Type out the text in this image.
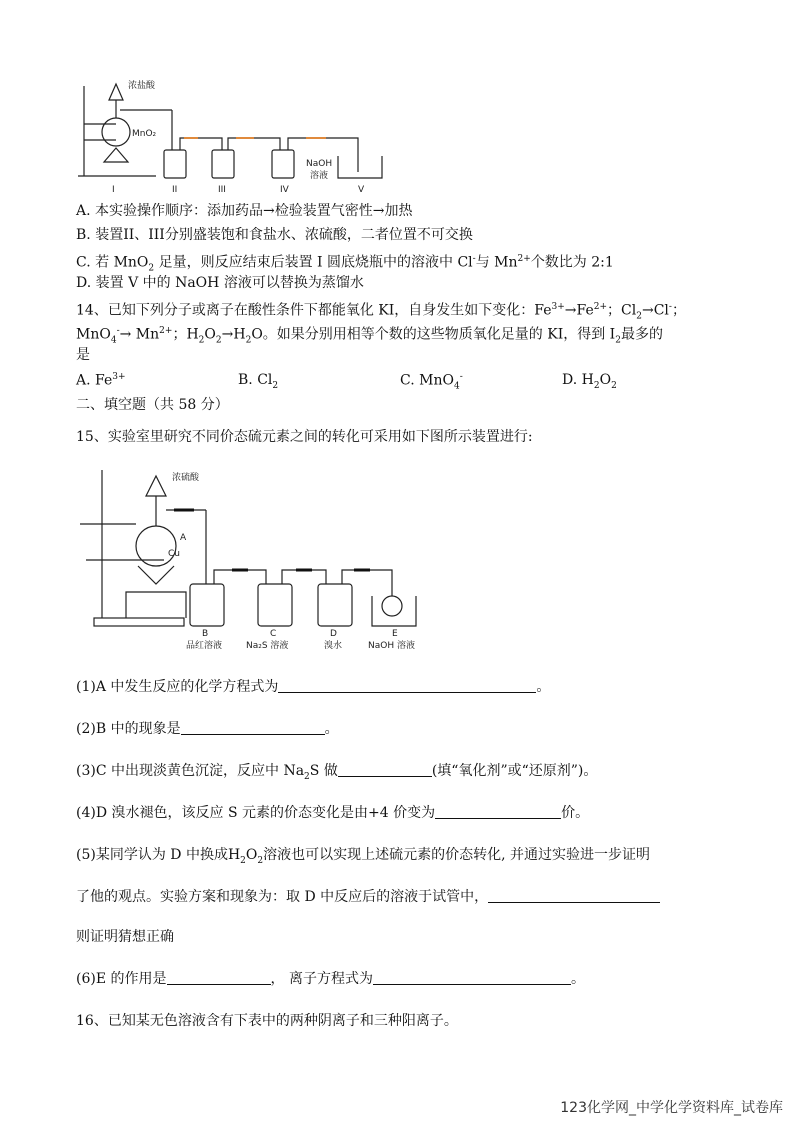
浓盐酸
MnO₂
NaOH
溶液
I	II	III	IV	V
A. 本实验操作顺序：添加药品→检验装置气密性→加热
B. 装置II、III分别盛装饱和食盐水、浓硫酸，二者位置不可交换
C. 若 MnO$_2$ 足量，则反应结束后装置 I 圆底烧瓶中的溶液中 Cl-与 $Mn^{2+}$个数比为 2:1
D. 装置 V 中的 NaOH 溶液可以替换为蒸馏水
14、已知下列分子或离子在酸性条件下都能氧化 KI，自身发生如下变化：$Fe^{3+}\to Fe^{2+}$；$Cl_2\to Cl^-$；
$MnO_4^-\to Mn^{2+}$；$H_2O_2\to H_2O$。如果分别用相等个数的这些物质氧化足量的 KI，得到 $I_2$最多的
是
A. $Fe^{3+}$	B. $Cl_2$	C. MnO$_4$-	D. $H_2O_2$
二、填空题（共 58 分）
15、实验室里研究不同价态硫元素之间的转化可采用如下图所示装置进行:
浓硫酸
A
Cu
B	C	D	E
品红溶液	Na₂S 溶液	溴水	NaOH 溶液
(1)A 中发生反应的化学方程式为	。
(2)B 中的现象是	。
(3)C 中出现淡黄色沉淀，反应中 $Na_2S$ 做	(填“氧化剂”或“还原剂”)。
(4)D 溴水褪色，该反应 S 元素的价态变化是由+4 价变为	价。
(5)某同学认为 D 中换成$H_2O_2$溶液也可以实现上述硫元素的价态转化, 并通过实验进一步证明
了他的观点。实验方案和现象为：取 D 中反应后的溶液于试管中，
则证明猜想正确
(6)E 的作用是	， 离子方程式为	。
16、已知某无色溶液含有下表中的两种阴离子和三种阳离子。
123化学网_中学化学资料库_试卷库
